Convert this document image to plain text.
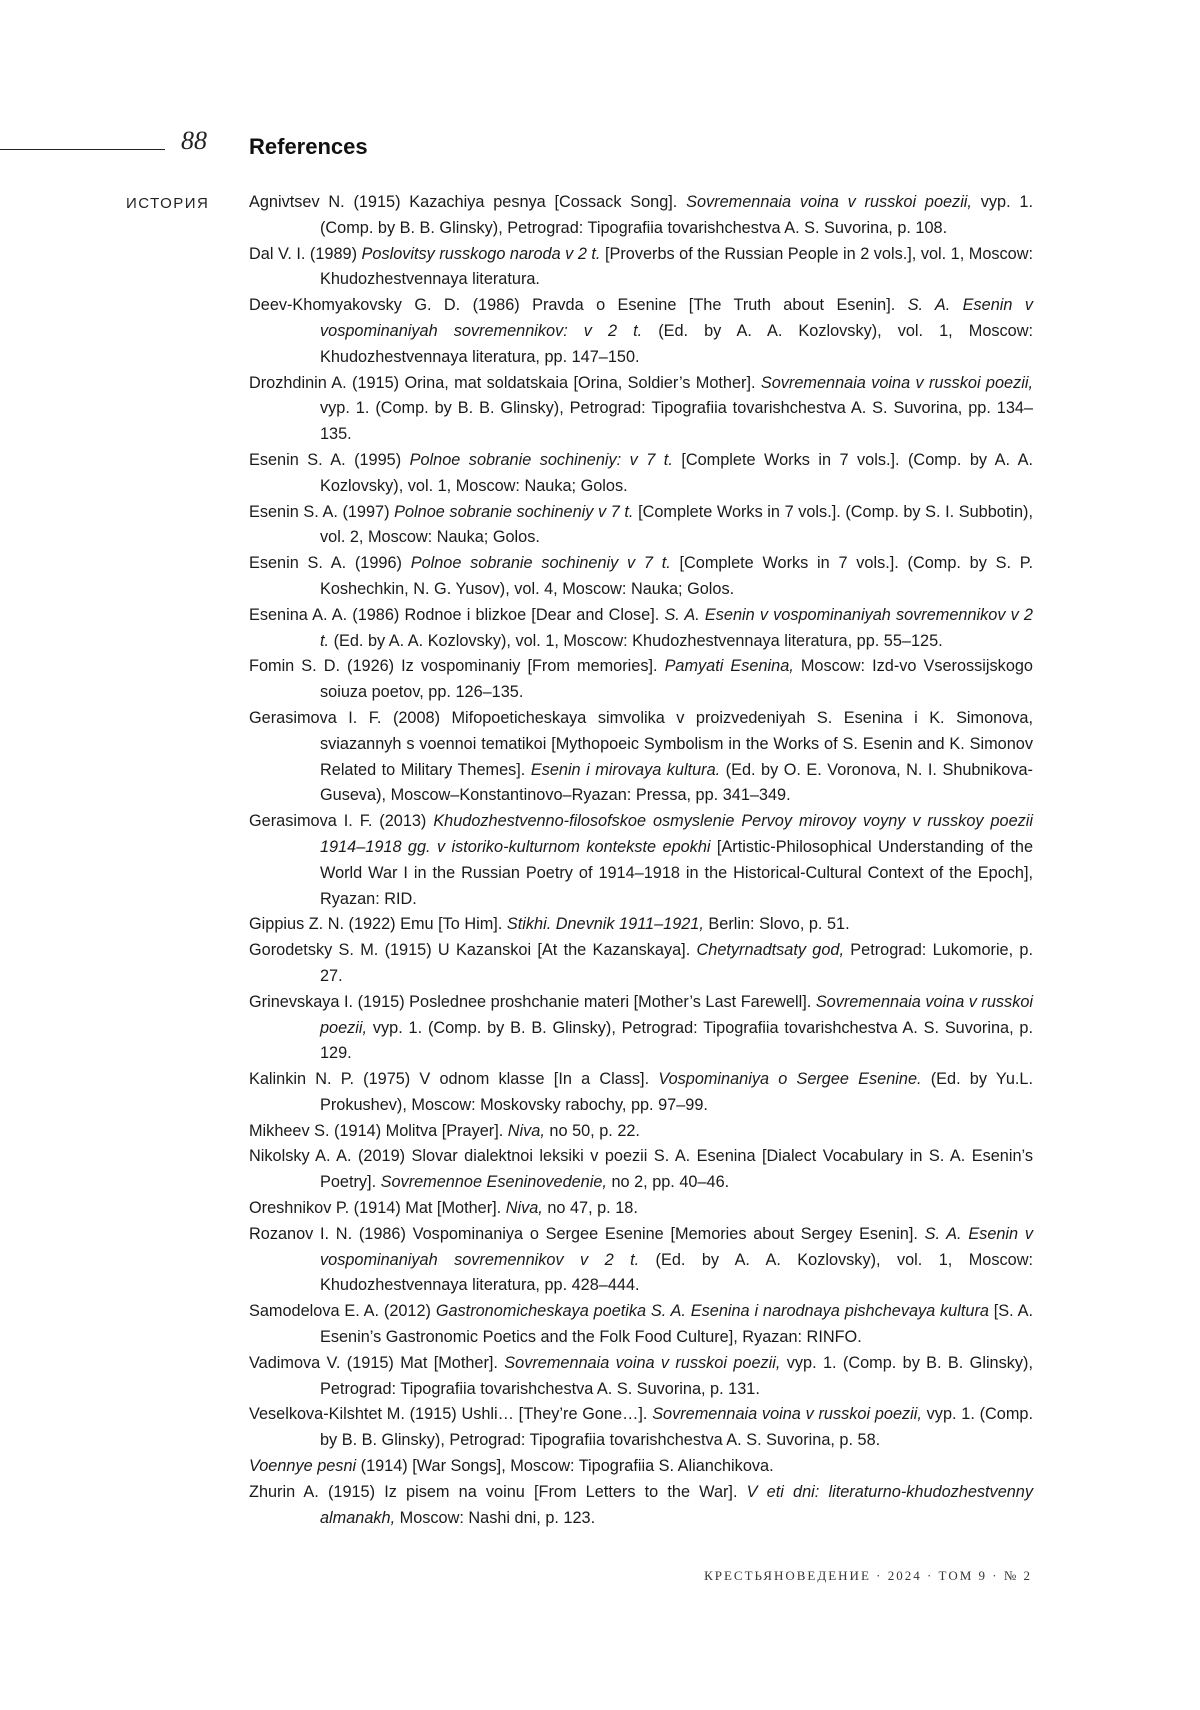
88 References
ИСТОРИЯ Agnivtsev N. (1915) Kazachiya pesnya [Cossack Song]. Sovremennaia voina v russkoi poezii, vyp. 1. (Comp. by B. B. Glinsky), Petrograd: Tipografiia tovarishchestva A. S. Suvorina, p. 108.
Dal V. I. (1989) Poslovitsy russkogo naroda v 2 t. [Proverbs of the Russian People in 2 vols.], vol. 1, Moscow: Khudozhestvennaya literatura.
Deev-Khomyakovsky G. D. (1986) Pravda o Esenine [The Truth about Esenin]. S. A. Esenin v vospominaniyah sovremennikov: v 2 t. (Ed. by A. A. Kozlovsky), vol. 1, Moscow: Khudozhestvennaya literatura, pp. 147–150.
Drozhdinin A. (1915) Orina, mat soldatskaia [Orina, Soldier’s Mother]. Sovremennaia voina v russkoi poezii, vyp. 1. (Comp. by B. B. Glinsky), Petrograd: Tipografiia tovarishchestva A. S. Suvorina, pp. 134–135.
Esenin S. A. (1995) Polnoe sobranie sochineniy: v 7 t. [Complete Works in 7 vols.]. (Comp. by A. A. Kozlovsky), vol. 1, Moscow: Nauka; Golos.
Esenin S. A. (1997) Polnoe sobranie sochineniy v 7 t. [Complete Works in 7 vols.]. (Comp. by S. I. Subbotin), vol. 2, Moscow: Nauka; Golos.
Esenin S. A. (1996) Polnoe sobranie sochineniy v 7 t. [Complete Works in 7 vols.]. (Comp. by S. P. Koshechkin, N. G. Yusov), vol. 4, Moscow: Nauka; Golos.
Esenina A. A. (1986) Rodnoe i blizkoe [Dear and Close]. S. A. Esenin v vospominaniyah sovremennikov v 2 t. (Ed. by A. A. Kozlovsky), vol. 1, Moscow: Khudozhestvennaya literatura, pp. 55–125.
Fomin S. D. (1926) Iz vospominaniy [From memories]. Pamyati Esenina, Moscow: Izd-vo Vserossijskogo soiuza poetov, pp. 126–135.
Gerasimova I. F. (2008) Mifopoeticheskaya simvolika v proizvedeniyah S. Esenina i K. Simonova, sviazannyh s voennoi tematikoi [Mythopoeic Symbolism in the Works of S. Esenin and K. Simonov Related to Military Themes]. Esenin i mirovaya kultura. (Ed. by O. E. Voronova, N. I. Shubnikova-Guseva), Moscow–Konstantinovo–Ryazan: Pressa, pp. 341–349.
Gerasimova I. F. (2013) Khudozhestvenno-filosofskoe osmyslenie Pervoy mirovoy voyny v russkoy poezii 1914–1918 gg. v istoriko-kulturnom kontekste epokhi [Artistic-Philosophical Understanding of the World War I in the Russian Poetry of 1914–1918 in the Historical-Cultural Context of the Epoch], Ryazan: RID.
Gippius Z. N. (1922) Emu [To Him]. Stikhi. Dnevnik 1911–1921, Berlin: Slovo, p. 51.
Gorodetsky S. M. (1915) U Kazanskoi [At the Kazanskaya]. Chetyrnadtsaty god, Petrograd: Lukomorie, p. 27.
Grinevskaya I. (1915) Poslednee proshchanie materi [Mother’s Last Farewell]. Sovremennaia voina v russkoi poezii, vyp. 1. (Comp. by B. B. Glinsky), Petrograd: Tipografiia tovarishchestva A. S. Suvorina, p. 129.
Kalinkin N. P. (1975) V odnom klasse [In a Class]. Vospominaniya o Sergee Esenine. (Ed. by Yu.L. Prokushev), Moscow: Moskovsky rabochy, pp. 97–99.
Mikheev S. (1914) Molitva [Prayer]. Niva, no 50, p. 22.
Nikolsky A. A. (2019) Slovar dialektnoi leksiki v poezii S. A. Esenina [Dialect Vocabulary in S. A. Esenin’s Poetry]. Sovremennoe Eseninovedenie, no 2, pp. 40–46.
Oreshnikov P. (1914) Mat [Mother]. Niva, no 47, p. 18.
Rozanov I. N. (1986) Vospominaniya o Sergee Esenine [Memories about Sergey Esenin]. S. A. Esenin v vospominaniyah sovremennikov v 2 t. (Ed. by A. A. Kozlovsky), vol. 1, Moscow: Khudozhestvennaya literatura, pp. 428–444.
Samodelova E. A. (2012) Gastronomicheskaya poetika S. A. Esenina i narodnaya pishchevaya kultura [S. A. Esenin’s Gastronomic Poetics and the Folk Food Culture], Ryazan: RINFO.
Vadimova V. (1915) Mat [Mother]. Sovremennaia voina v russkoi poezii, vyp. 1. (Comp. by B. B. Glinsky), Petrograd: Tipografiia tovarishchestva A. S. Suvorina, p. 131.
Veselkova-Kilshtet M. (1915) Ushli… [They’re Gone…]. Sovremennaia voina v russkoi poezii, vyp. 1. (Comp. by B. B. Glinsky), Petrograd: Tipografiia tovarishchestva A. S. Suvorina, p. 58.
Voennye pesni (1914) [War Songs], Moscow: Tipografiia S. Alianchikova.
Zhurin A. (1915) Iz pisem na voinu [From Letters to the War]. V eti dni: literaturno-khudozhestvenny almanakh, Moscow: Nashi dni, p. 123.
КРЕСТЬЯНОВЕДЕНИЕ · 2024 · ТОМ 9 · № 2
